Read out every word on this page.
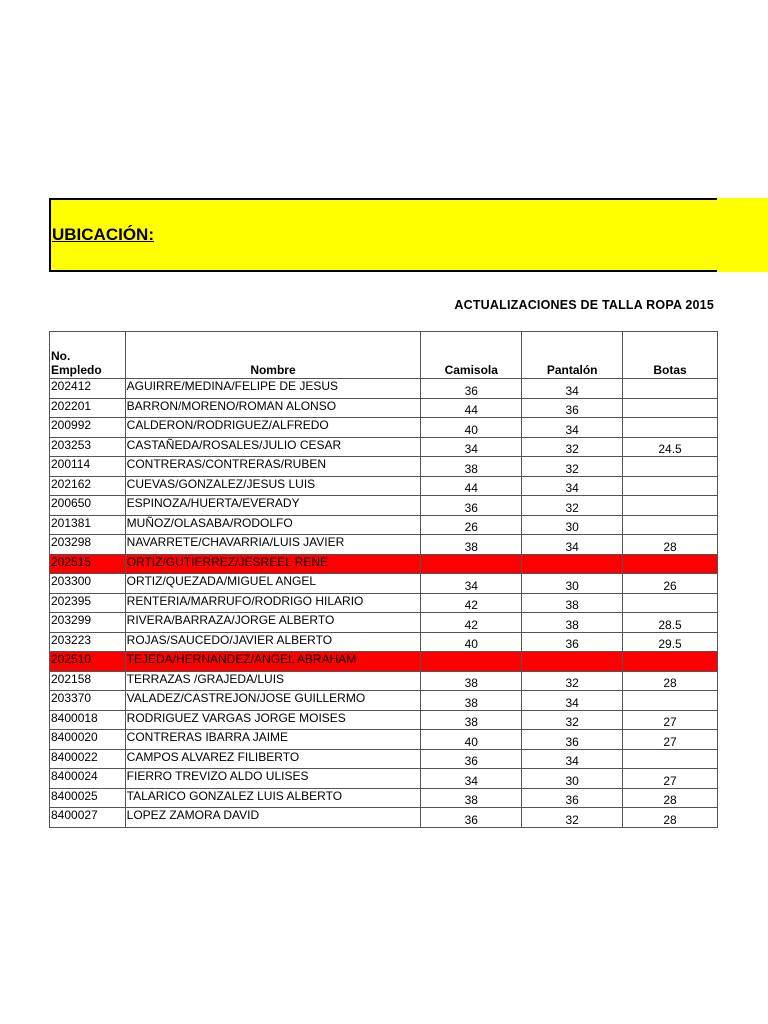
UBICACIÓN:
ACTUALIZACIONES DE TALLA ROPA 2015
No.
Empledo	Nombre	Camisola	Pantalón	Botas
202412	AGUIRRE/MEDINA/FELIPE DE JESUS	36	34	
202201	BARRON/MORENO/ROMAN ALONSO	44	36	
200992	CALDERON/RODRIGUEZ/ALFREDO	40	34	
203253	CASTAÑEDA/ROSALES/JULIO CESAR	34	32	24.5
200114	CONTRERAS/CONTRERAS/RUBEN	38	32	
202162	CUEVAS/GONZALEZ/JESUS LUIS	44	34	
200650	ESPINOZA/HUERTA/EVERADY	36	32	
201381	MUÑOZ/OLASABA/RODOLFO	26	30	
203298	NAVARRETE/CHAVARRIA/LUIS JAVIER	38	34	28
202515	ORTIZ/GUTIERREZ/JESREEL RENE			
203300	ORTIZ/QUEZADA/MIGUEL ANGEL	34	30	26
202395	RENTERIA/MARRUFO/RODRIGO HILARIO	42	38	
203299	RIVERA/BARRAZA/JORGE ALBERTO	42	38	28.5
203223	ROJAS/SAUCEDO/JAVIER ALBERTO	40	36	29.5
202510	TEJEDA/HERNANDEZ/ANGEL ABRAHAM			
202158	TERRAZAS /GRAJEDA/LUIS	38	32	28
203370	VALADEZ/CASTREJON/JOSE GUILLERMO	38	34	
8400018	RODRIGUEZ VARGAS JORGE MOISES	38	32	27
8400020	CONTRERAS IBARRA JAIME	40	36	27
8400022	CAMPOS ALVAREZ FILIBERTO	36	34	
8400024	FIERRO TREVIZO ALDO ULISES	34	30	27
8400025	TALARICO GONZALEZ LUIS ALBERTO	38	36	28
8400027	LOPEZ ZAMORA DAVID	36	32	28
